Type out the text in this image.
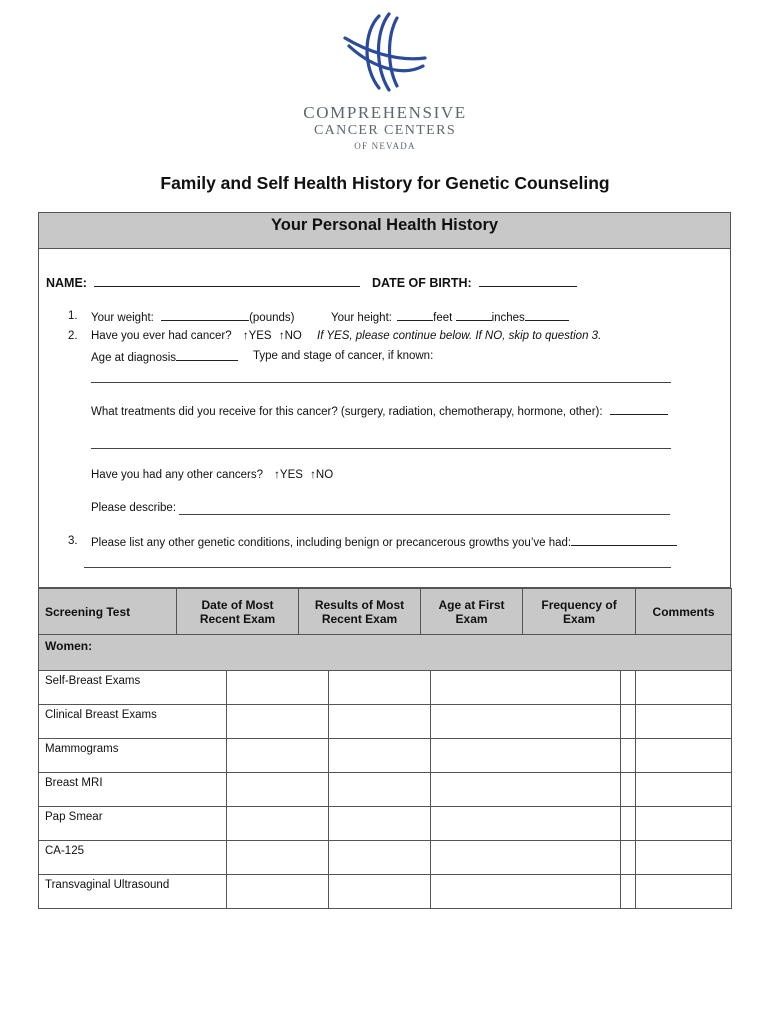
COMPREHENSIVE
CANCER CENTERS
OF NEVADA
Family and Self Health History for Genetic Counseling
Your Personal Health History
NAME:	DATE OF BIRTH:
1. Your weight:	(pounds)	Your height:	feet	inches
2. Have you ever had cancer? ↑YES ↑NO If YES, please continue below. If NO, skip to question 3.
Age at diagnosis	Type and stage of cancer, if known:
What treatments did you receive for this cancer? (surgery, radiation, chemotherapy, hormone, other):
Have you had any other cancers? ↑YES ↑NO
Please describe:
3. Please list any other genetic conditions, including benign or precancerous growths you’ve had:
Screening Test	Date of Most Recent Exam		Results of Most Recent Exam		Age at First Exam		Frequency of Exam		Comments
Women:									
Self-Breast Exams									
Clinical Breast Exams									
Mammograms									
Breast MRI									
Pap Smear									
CA-125									
Transvaginal Ultrasound									
